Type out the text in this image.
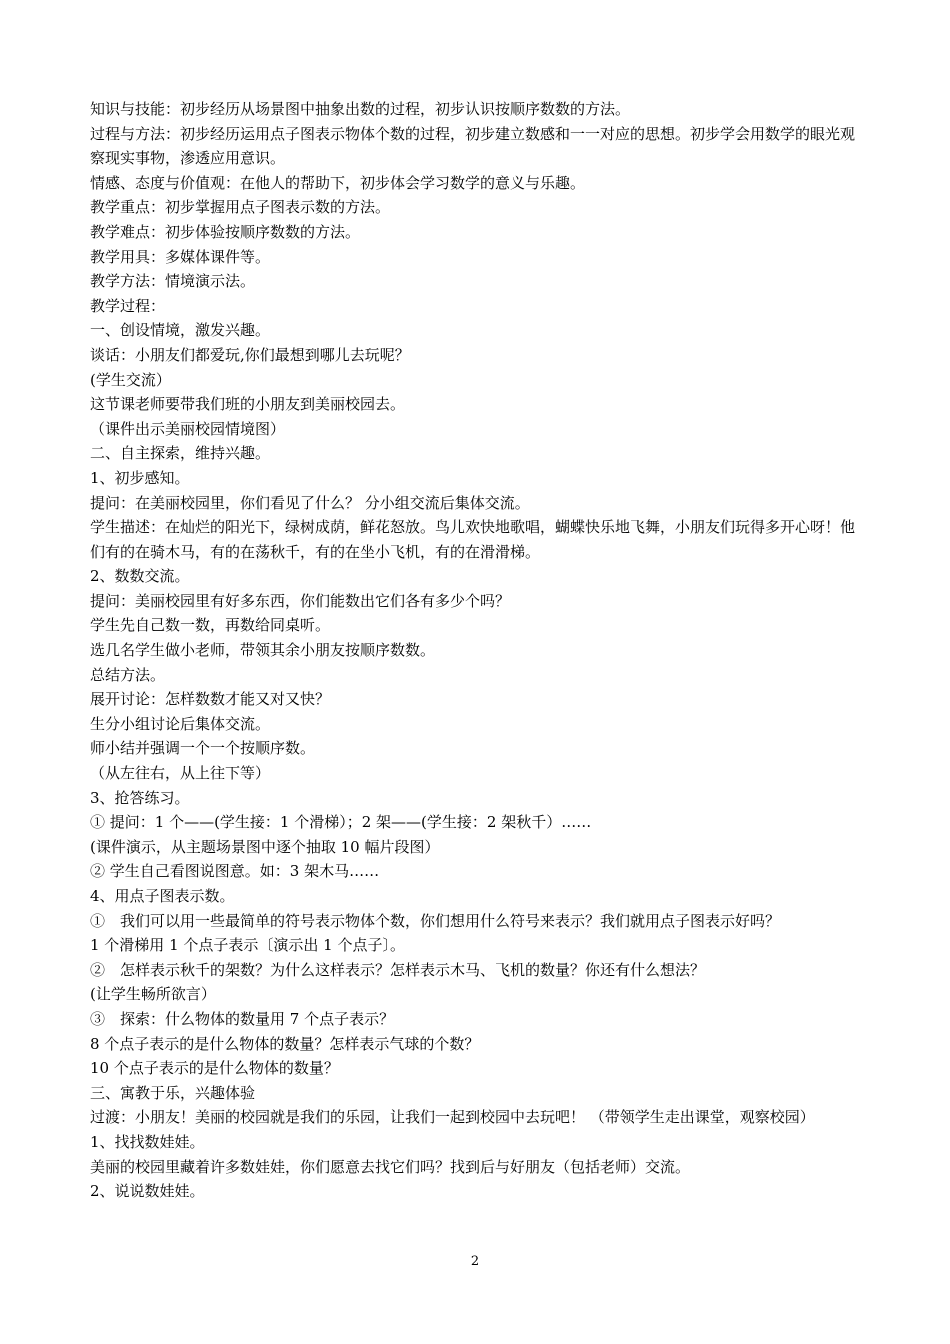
知识与技能：初步经历从场景图中抽象出数的过程，初步认识按顺序数数的方法。
过程与方法：初步经历运用点子图表示物体个数的过程，初步建立数感和一一对应的思想。初步学会用数学的眼光观察现实事物，渗透应用意识。
情感、态度与价值观：在他人的帮助下，初步体会学习数学的意义与乐趣。
教学重点：初步掌握用点子图表示数的方法。
教学难点：初步体验按顺序数数的方法。
教学用具：多媒体课件等。
教学方法：情境演示法。
教学过程：
一、创设情境，激发兴趣。
谈话：小朋友们都爱玩,你们最想到哪儿去玩呢？
(学生交流）
这节课老师要带我们班的小朋友到美丽校园去。
（课件出示美丽校园情境图）
二、自主探索，维持兴趣。
1、初步感知。
提问：在美丽校园里，你们看见了什么？ 分小组交流后集体交流。
学生描述：在灿烂的阳光下，绿树成荫，鲜花怒放。鸟儿欢快地歌唱，蝴蝶快乐地飞舞，小朋友们玩得多开心呀！他们有的在骑木马，有的在荡秋千，有的在坐小飞机，有的在滑滑梯。
2、数数交流。
提问：美丽校园里有好多东西，你们能数出它们各有多少个吗？
学生先自己数一数，再数给同桌听。
选几名学生做小老师，带领其余小朋友按顺序数数。
总结方法。
展开讨论：怎样数数才能又对又快？
生分小组讨论后集体交流。
师小结并强调一个一个按顺序数。
（从左往右，从上往下等）
3、抢答练习。
① 提问：1 个——(学生接：1 个滑梯）；2 架——(学生接：2 架秋千）……
(课件演示，从主题场景图中逐个抽取 10 幅片段图）
② 学生自己看图说图意。如：3 架木马……
4、用点子图表示数。
①　我们可以用一些最简单的符号表示物体个数，你们想用什么符号来表示？我们就用点子图表示好吗？
1 个滑梯用 1 个点子表示〔演示出 1 个点子〕。
②　怎样表示秋千的架数？为什么这样表示？怎样表示木马、飞机的数量？你还有什么想法？
(让学生畅所欲言）
③　探索：什么物体的数量用 7 个点子表示？
8 个点子表示的是什么物体的数量？怎样表示气球的个数？
10 个点子表示的是什么物体的数量？
三、寓教于乐，兴趣体验
过渡：小朋友！美丽的校园就是我们的乐园，让我们一起到校园中去玩吧！ （带领学生走出课堂，观察校园）
1、找找数娃娃。
美丽的校园里藏着许多数娃娃，你们愿意去找它们吗？找到后与好朋友（包括老师）交流。
2、说说数娃娃。
2
